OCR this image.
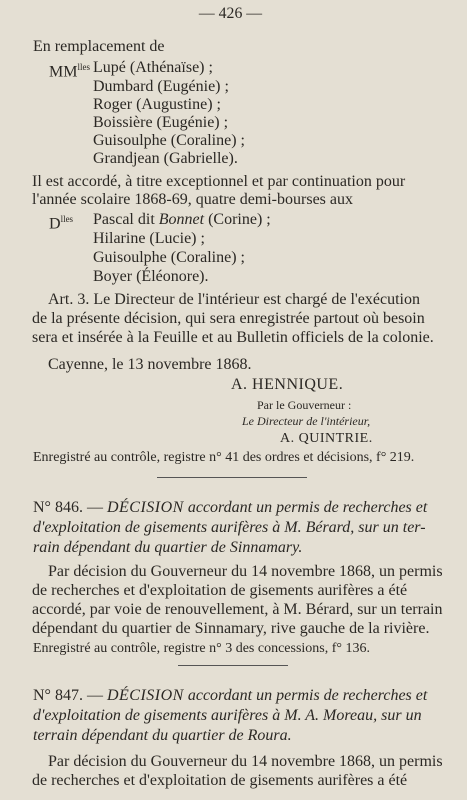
— 426 —
En remplacement de
$MM^{lles}$ Lupé (Athénaïse) ;
Dumbard (Eugénie) ;
Roger (Augustine) ;
Boissière (Eugénie) ;
Guisoulphe (Coraline) ;
Grandjean (Gabrielle).
Il est accordé, à titre exceptionnel et par continuation pour
l'année scolaire 1868-69, quatre demi-bourses aux
$D^{lles}$ Pascal dit Bonnet (Corine) ;
Hilarine (Lucie) ;
Guisoulphe (Coraline) ;
Boyer (Éléonore).
Art. 3. Le Directeur de l'intérieur est chargé de l'exécution
de la présente décision, qui sera enregistrée partout où besoin
sera et insérée à la Feuille et au Bulletin officiels de la colonie.
Cayenne, le 13 novembre 1868.
A. HENNIQUE.
Par le Gouverneur :
Le Directeur de l'intérieur,
A. QUINTRIE.
Enregistré au contrôle, registre n° 41 des ordres et décisions, f° 219.
N° 846. — DÉCISION accordant un permis de recherches et
d'exploitation de gisements aurifères à M. Bérard, sur un ter-
rain dépendant du quartier de Sinnamary.
Par décision du Gouverneur du 14 novembre 1868, un permis
de recherches et d'exploitation de gisements aurifères a été
accordé, par voie de renouvellement, à M. Bérard, sur un terrain
dépendant du quartier de Sinnamary, rive gauche de la rivière.
Enregistré au contrôle, registre n° 3 des concessions, f° 136.
N° 847. — DÉCISION accordant un permis de recherches et
d'exploitation de gisements aurifères à M. A. Moreau, sur un
terrain dépendant du quartier de Roura.
Par décision du Gouverneur du 14 novembre 1868, un permis
de recherches et d'exploitation de gisements aurifères a été
